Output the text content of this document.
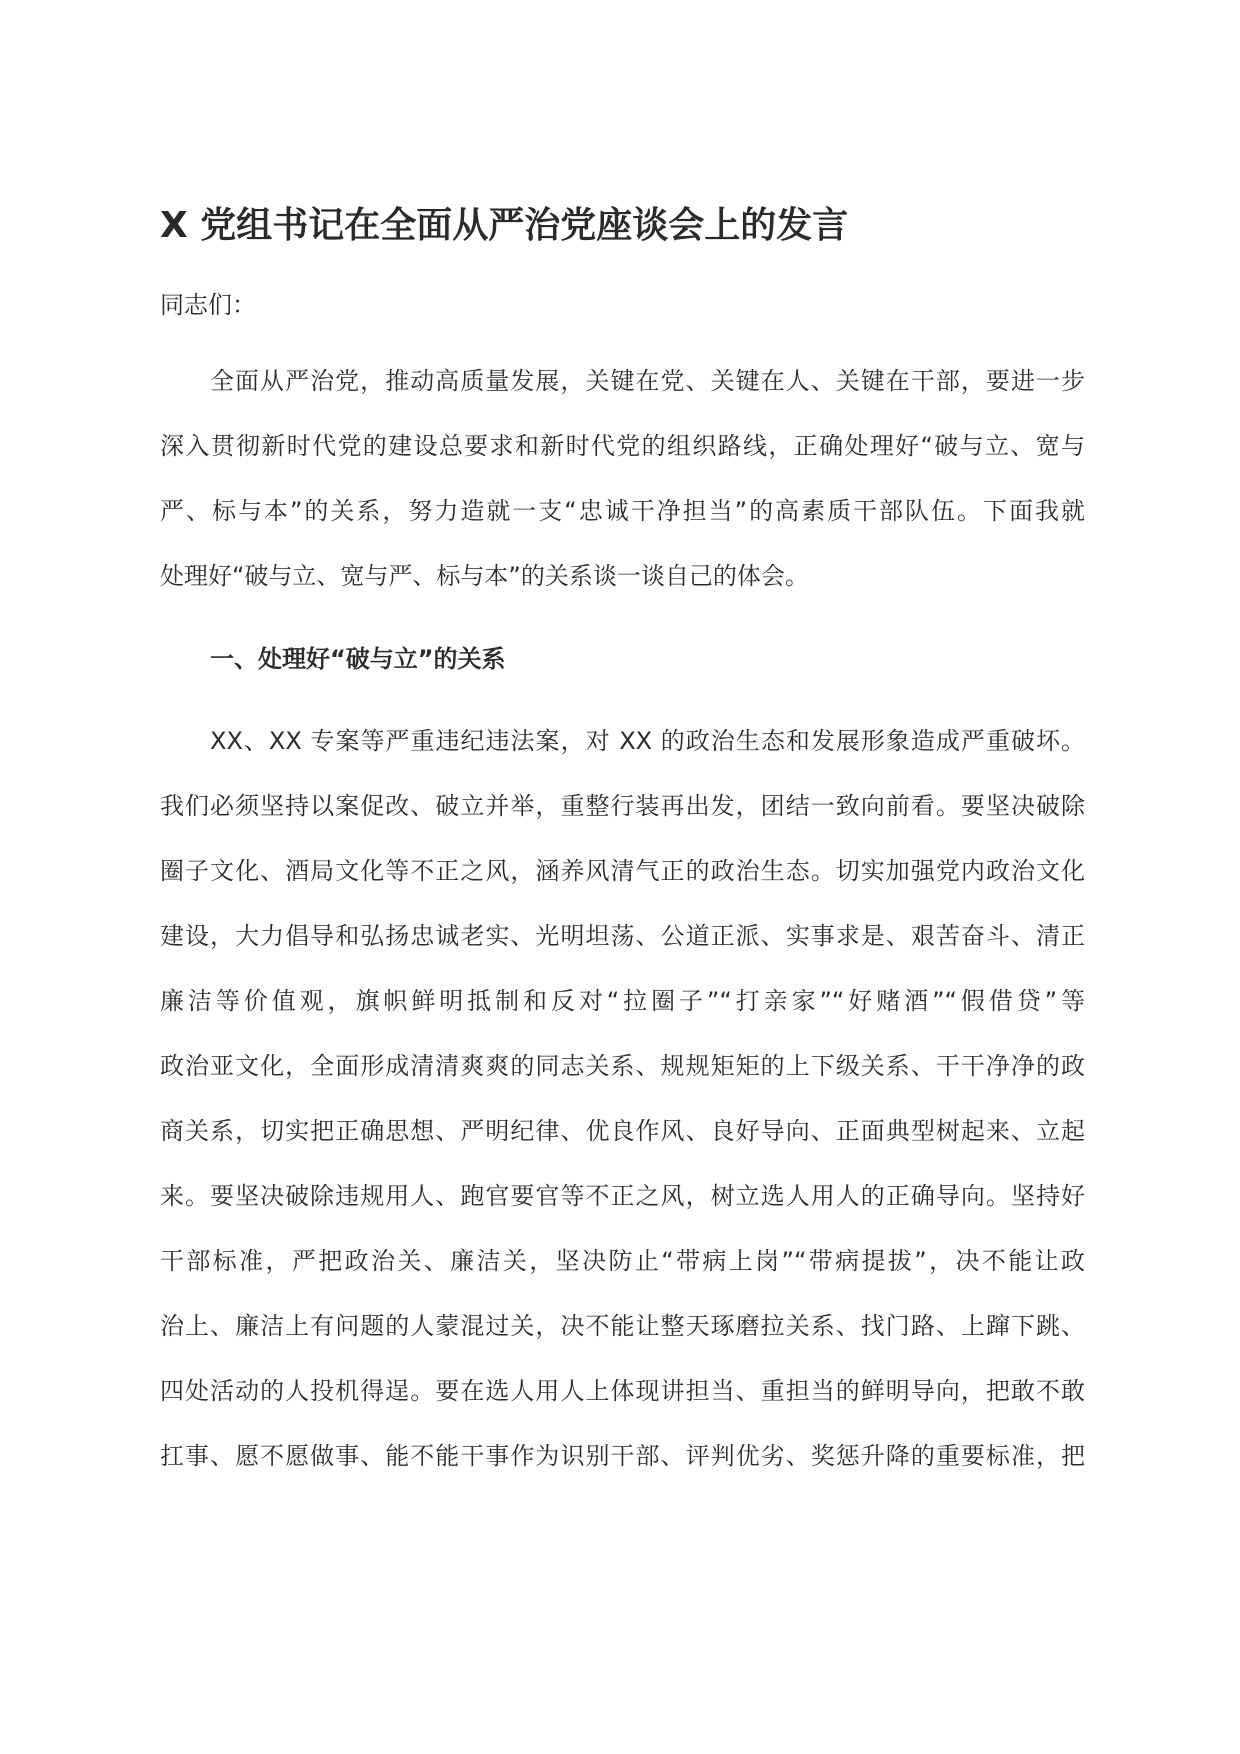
X 党组书记在全面从严治党座谈会上的发言

同志们：

全面从严治党，推动高质量发展，关键在党、关键在人、关键在干部，要进一步

深入贯彻新时代党的建设总要求和新时代党的组织路线，正确处理好“破与立、宽与

严、标与本”的关系，努力造就一支“忠诚干净担当”的高素质干部队伍。下面我就

处理好“破与立、宽与严、标与本”的关系谈一谈自己的体会。

一、处理好“破与立”的关系

XX、XX 专案等严重违纪违法案，对 XX 的政治生态和发展形象造成严重破坏。

我们必须坚持以案促改、破立并举，重整行装再出发，团结一致向前看。要坚决破除

圈子文化、酒局文化等不正之风，涵养风清气正的政治生态。切实加强党内政治文化

建设，大力倡导和弘扬忠诚老实、光明坦荡、公道正派、实事求是、艰苦奋斗、清正

廉洁等价值观，旗帜鲜明抵制和反对“拉圈子”“打亲家”“好赌酒”“假借贷”等

政治亚文化，全面形成清清爽爽的同志关系、规规矩矩的上下级关系、干干净净的政

商关系，切实把正确思想、严明纪律、优良作风、良好导向、正面典型树起来、立起

来。要坚决破除违规用人、跑官要官等不正之风，树立选人用人的正确导向。坚持好

干部标准，严把政治关、廉洁关，坚决防止“带病上岗”“带病提拔”，决不能让政

治上、廉洁上有问题的人蒙混过关，决不能让整天琢磨拉关系、找门路、上蹿下跳、

四处活动的人投机得逞。要在选人用人上体现讲担当、重担当的鲜明导向，把敢不敢

扛事、愿不愿做事、能不能干事作为识别干部、评判优劣、奖惩升降的重要标准，把
